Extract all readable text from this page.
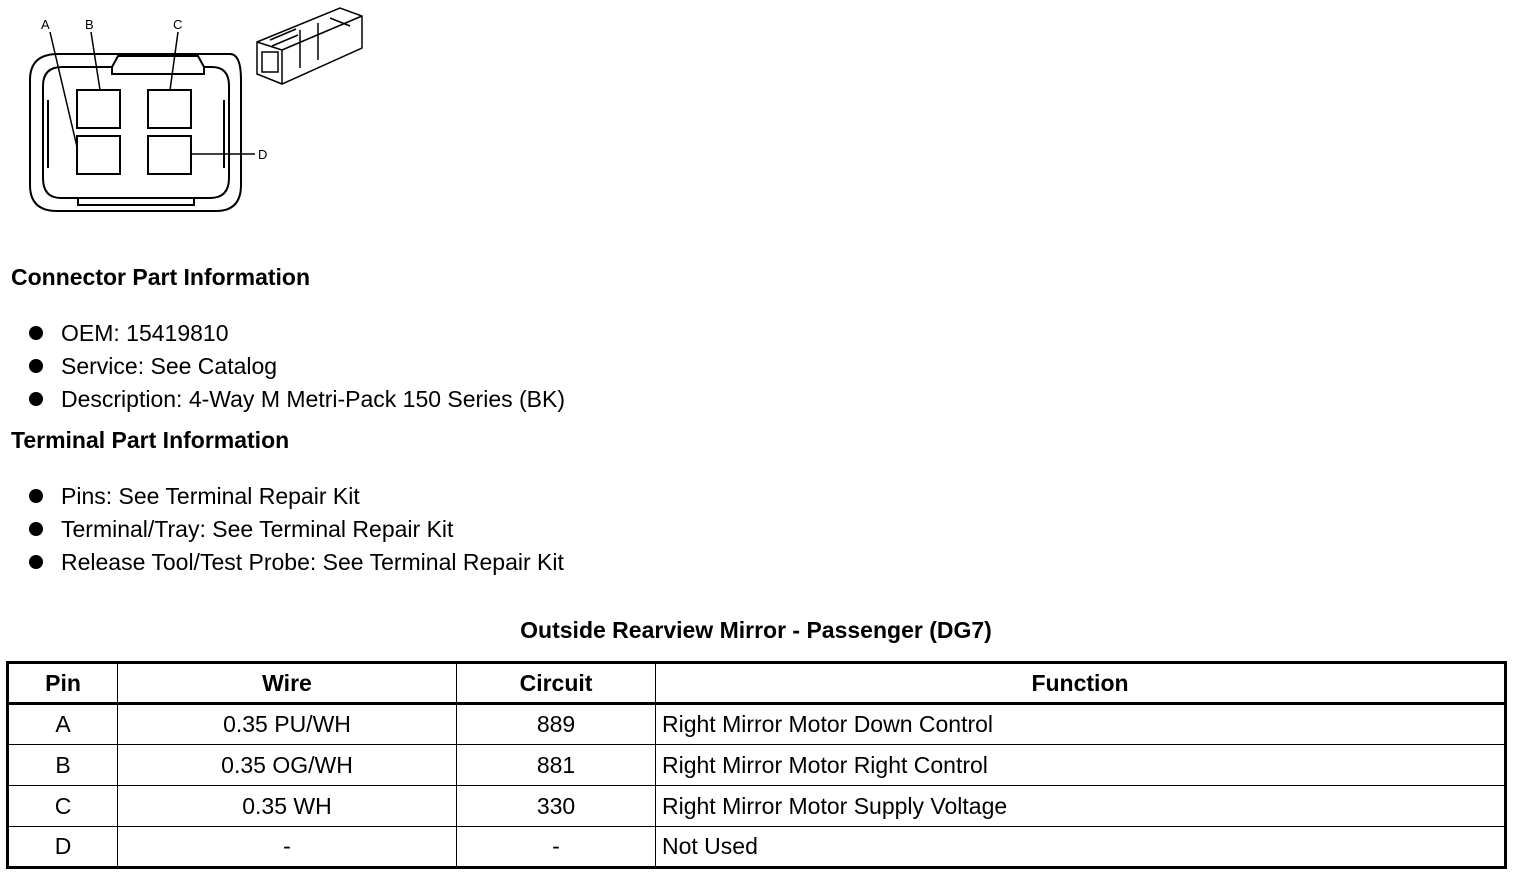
A	B	C
D
Connector Part Information
OEM: 15419810
Service: See Catalog
Description: 4-Way M Metri-Pack 150 Series (BK)
Terminal Part Information
Pins: See Terminal Repair Kit
Terminal/Tray: See Terminal Repair Kit
Release Tool/Test Probe: See Terminal Repair Kit
Outside Rearview Mirror - Passenger (DG7)
Pin	Wire	Circuit	Function
A	0.35 PU/WH	889	Right Mirror Motor Down Control
B	0.35 OG/WH	881	Right Mirror Motor Right Control
C	0.35 WH	330	Right Mirror Motor Supply Voltage
D	-	-	Not Used
